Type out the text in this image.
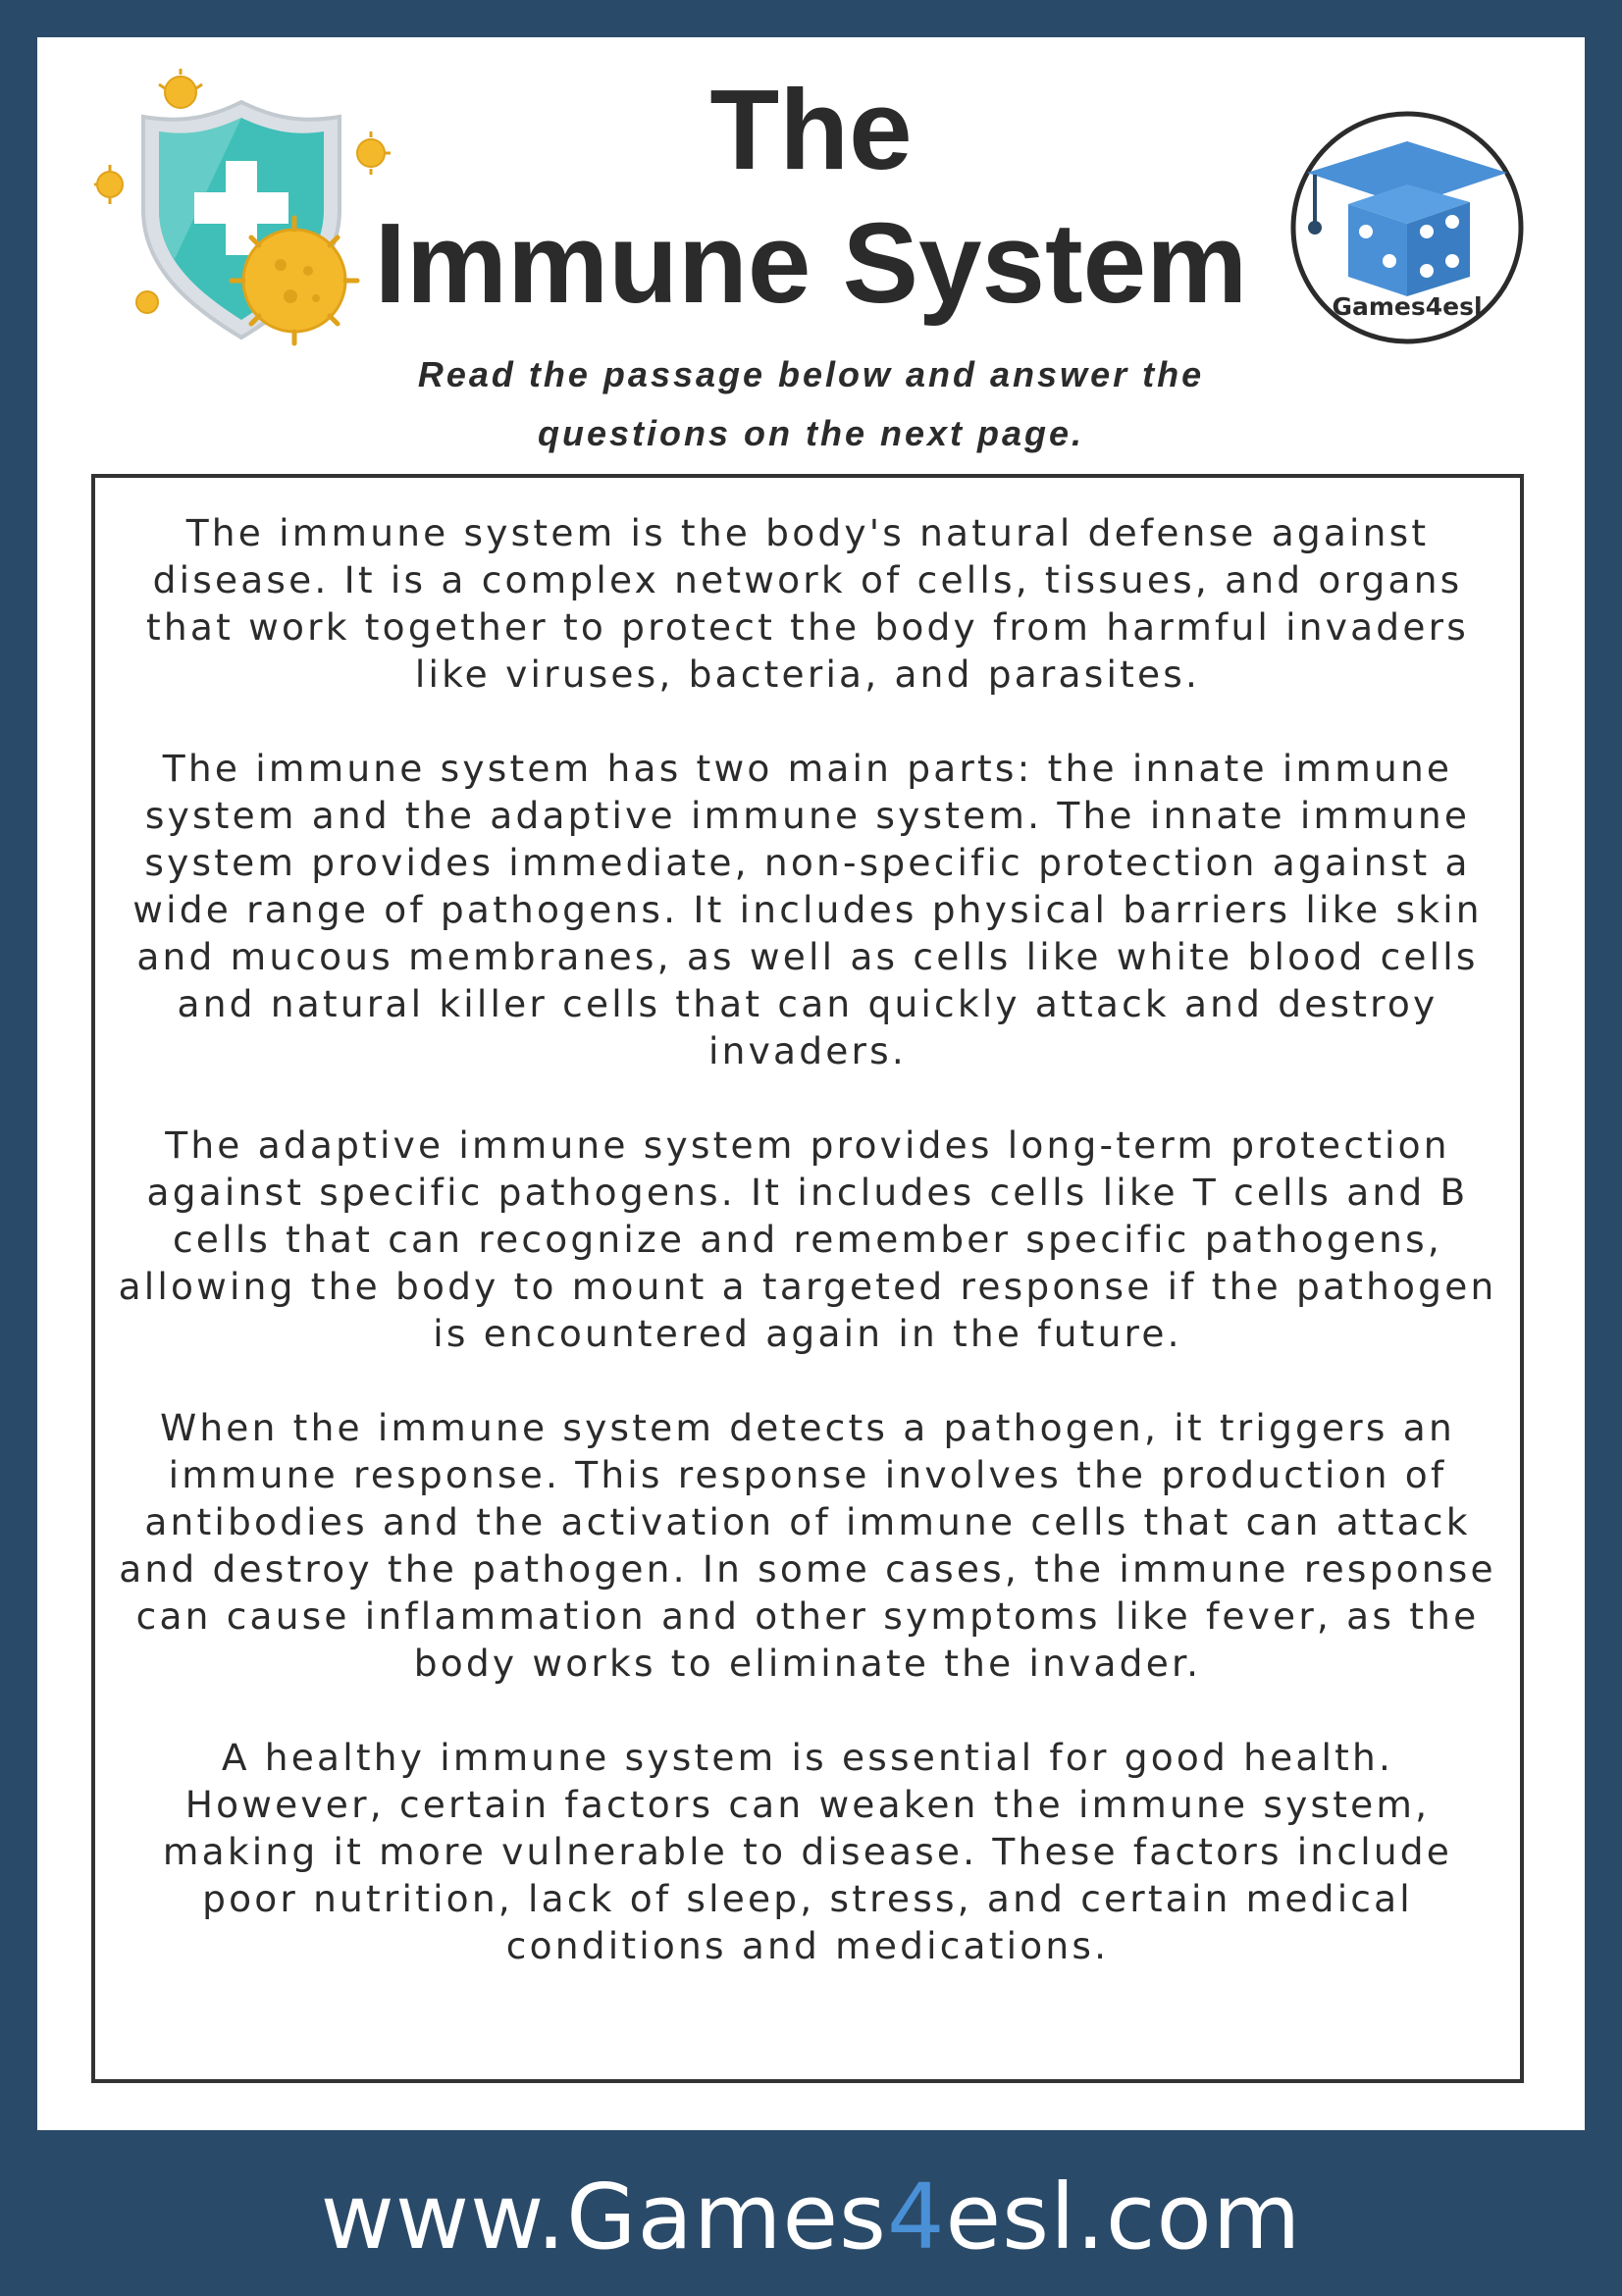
The
Immune System	Games4esl
Read the passage below and answer the
questions on the next page.

The immune system is the body's natural defense against disease. It is a complex network of cells, tissues, and organs that work together to protect the body from harmful invaders like viruses, bacteria, and parasites.

The immune system has two main parts: the innate immune system and the adaptive immune system. The innate immune system provides immediate, non-specific protection against a wide range of pathogens. It includes physical barriers like skin and mucous membranes, as well as cells like white blood cells and natural killer cells that can quickly attack and destroy invaders.

The adaptive immune system provides long-term protection against specific pathogens. It includes cells like T cells and B cells that can recognize and remember specific pathogens, allowing the body to mount a targeted response if the pathogen is encountered again in the future.

When the immune system detects a pathogen, it triggers an immune response. This response involves the production of antibodies and the activation of immune cells that can attack and destroy the pathogen. In some cases, the immune response can cause inflammation and other symptoms like fever, as the body works to eliminate the invader.

A healthy immune system is essential for good health. However, certain factors can weaken the immune system, making it more vulnerable to disease. These factors include poor nutrition, lack of sleep, stress, and certain medical conditions and medications.

www.Games4esl.com
